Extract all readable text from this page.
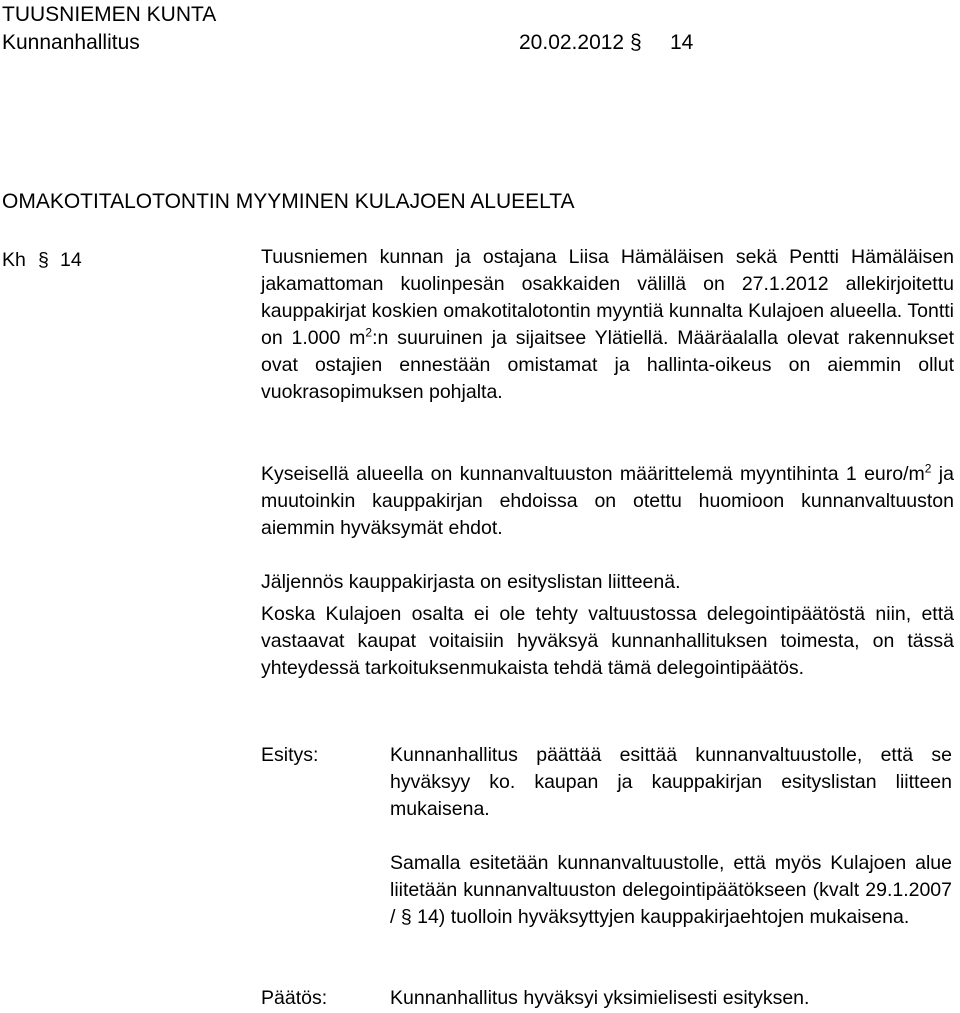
TUUSNIEMEN KUNTA
Kunnanhallitus	20.02.2012 § 14
OMAKOTITALOTONTIN MYYMINEN KULAJOEN ALUEELTA
Kh § 14	Tuusniemen kunnan ja ostajana Liisa Hämäläisen sekä Pentti Hämäläisen jakamattoman kuolinpesän osakkaiden välillä on 27.1.2012 allekirjoitettu kauppakirjat koskien omakotitalotontin myyntiä kunnalta Kulajoen alueella. Tontti on 1.000 $m^2:n$ suuruinen ja sijaitsee Ylätiellä. Määräalalla olevat rakennukset ovat ostajien ennestään omistamat ja hallinta-oikeus on aiemmin ollut vuokrasopimuksen pohjalta.
Kyseisellä alueella on kunnanvaltuuston määrittelemä myyntihinta 1 euro/$m^2$ ja muutoinkin kauppakirjan ehdoissa on otettu huomioon kunnanvaltuuston aiemmin hyväksymät ehdot.
Jäljennös kauppakirjasta on esityslistan liitteenä.
Koska Kulajoen osalta ei ole tehty valtuustossa delegointipäätöstä niin, että vastaavat kaupat voitaisiin hyväksyä kunnanhallituksen toimesta, on tässä yhteydessä tarkoituksenmukaista tehdä tämä delegointipäätös.
Esitys:	Kunnanhallitus päättää esittää kunnanvaltuustolle, että se hyväksyy ko. kaupan ja kauppakirjan esityslistan liitteen mukaisena.
Samalla esitetään kunnanvaltuustolle, että myös Kulajoen alue liitetään kunnanvaltuuston delegointipäätökseen (kvalt 29.1.2007 / § 14) tuolloin hyväksyttyjen kauppakirjaehtojen mukaisena.
Päätös:	Kunnanhallitus hyväksyi yksimielisesti esityksen.
